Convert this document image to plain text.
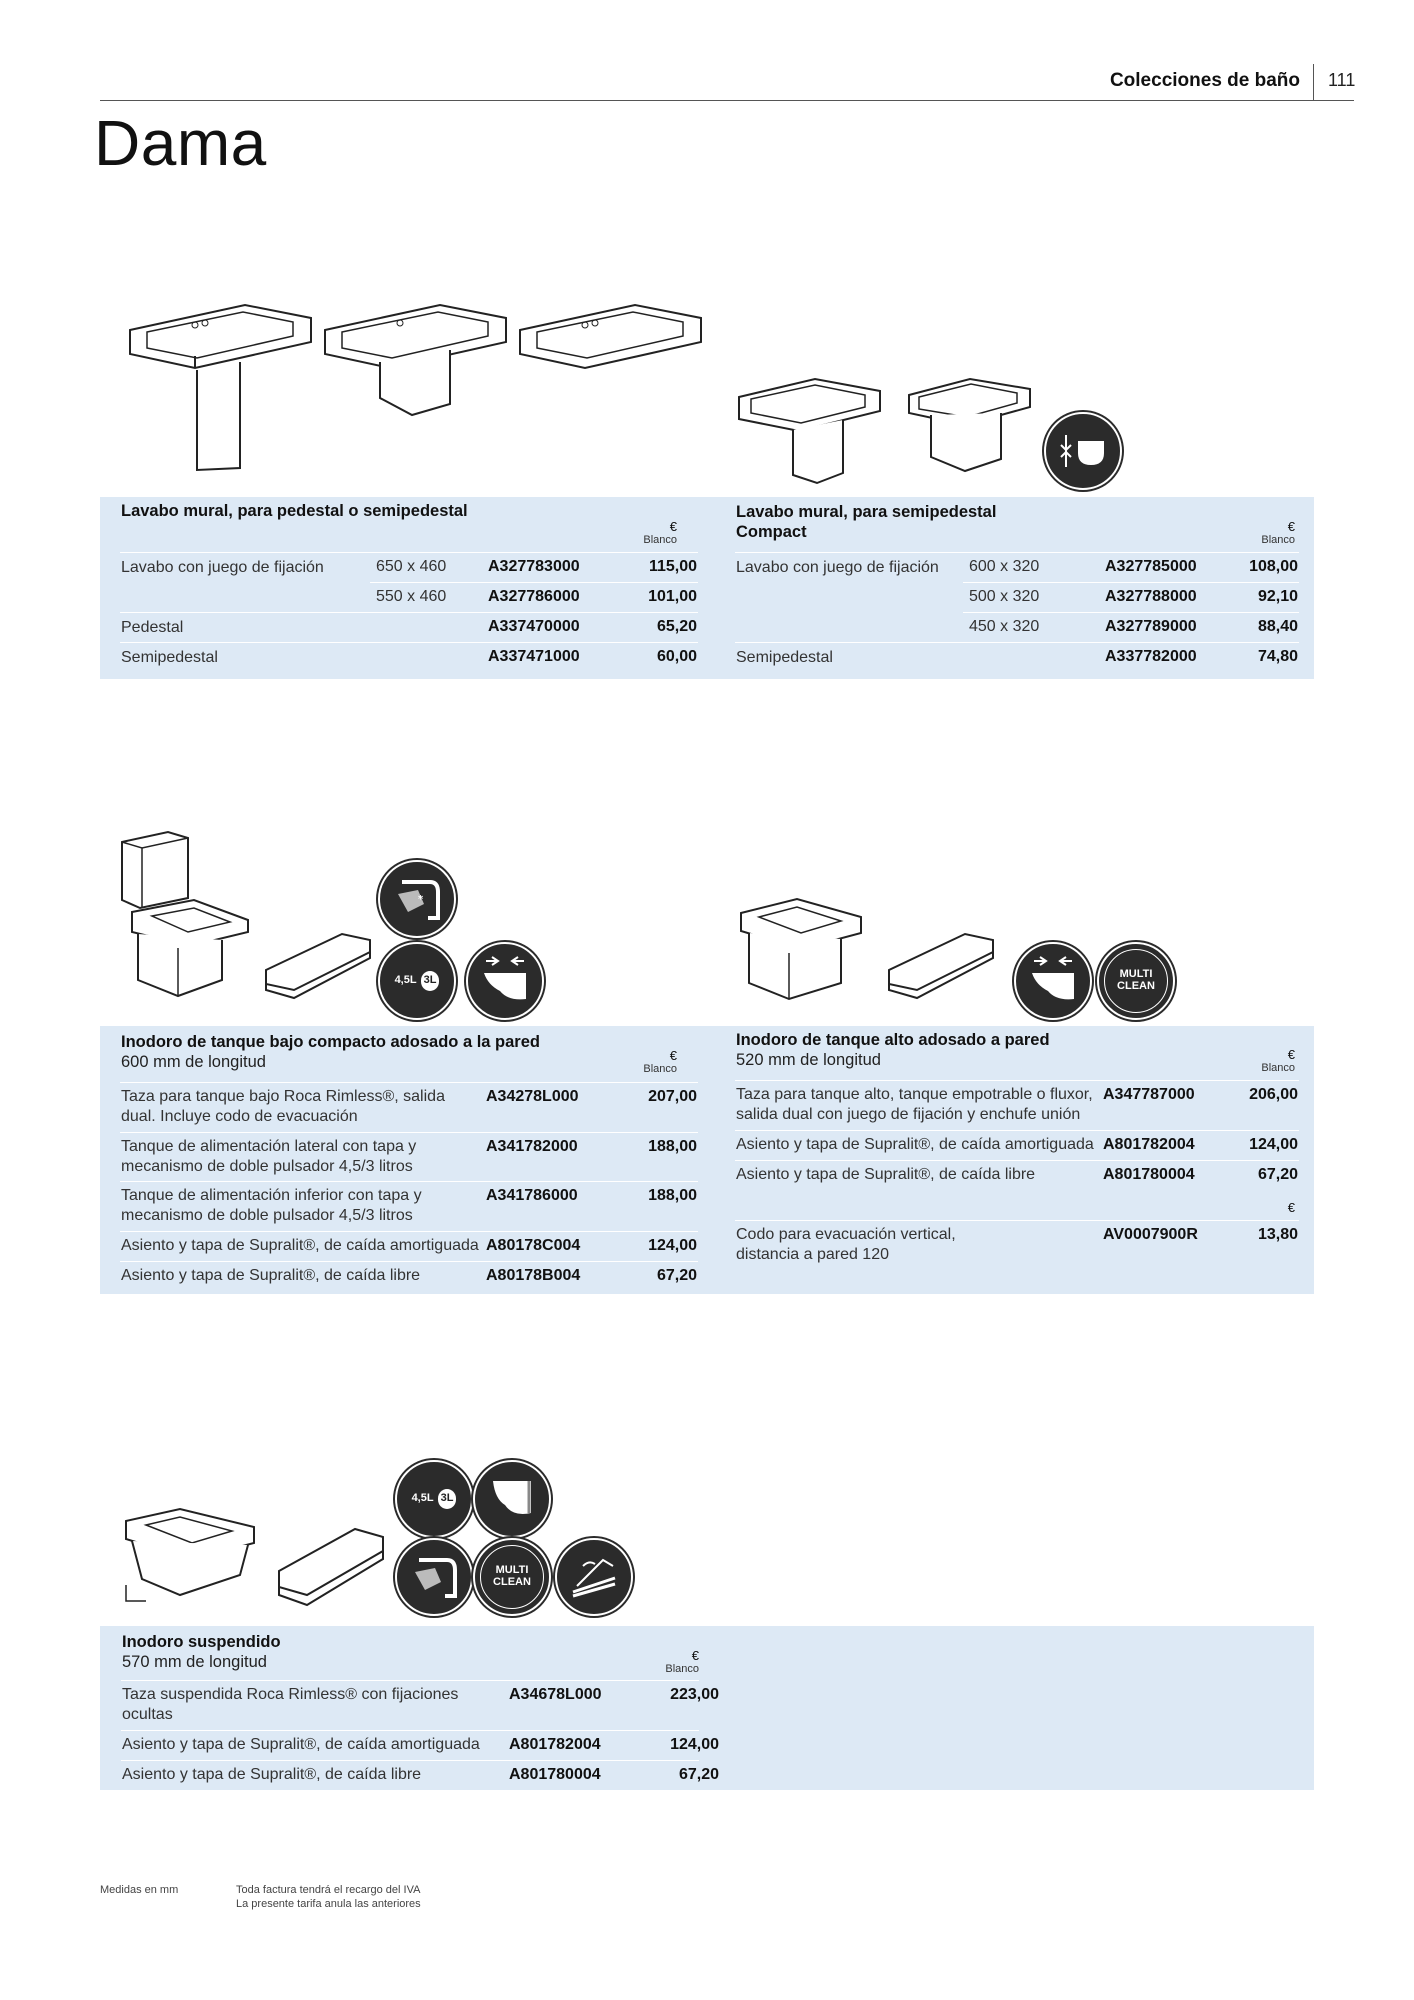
Colecciones de baño 111
Dama
Lavabo mural, para pedestal o semipedestal
€
Blanco
Lavabo con juego de fijación	650 x 460	A327783000	115,00
550 x 460	A327786000	101,00
Pedestal	A337470000	65,20
Semipedestal	A337471000	60,00
Lavabo mural, para semipedestal
Compact	€
Blanco
Lavabo con juego de fijación 600 x 320	A327785000	108,00
500 x 320	A327788000	92,10
450 x 320	A327789000	88,40
Semipedestal	A337782000	74,80
*
4,5L 3L	MULTI
CLEAN
Inodoro de tanque bajo compacto adosado a la pared
600 mm de longitud	€
Blanco
Taza para tanque bajo Roca Rimless®, salida
dual. Incluye codo de evacuación
A34278L000	207,00
Tanque de alimentación lateral con tapa y
mecanismo de doble pulsador 4,5/3 litros
A341782000	188,00
Tanque de alimentación inferior con tapa y
mecanismo de doble pulsador 4,5/3 litros
A341786000	188,00
Asiento y tapa de Supralit®, de caída amortiguada A80178C004	124,00
Asiento y tapa de Supralit®, de caída libre	A80178B004	67,20
Inodoro de tanque alto adosado a pared
520 mm de longitud	€
Blanco
Taza para tanque alto, tanque empotrable o fluxor,
salida dual con juego de fijación y enchufe unión
A347787000	206,00
Asiento y tapa de Supralit®, de caída amortiguada A801782004	124,00
Asiento y tapa de Supralit®, de caída libre	A801780004	67,20
€
Codo para evacuación vertical,
distancia a pared 120
AV0007900R	13,80
4,5L 3L
MULTI
CLEAN
Inodoro suspendido
570 mm de longitud	€
Blanco
Taza suspendida Roca Rimless® con fijaciones
ocultas
A34678L000	223,00
Asiento y tapa de Supralit®, de caída amortiguada A801782004	124,00
Asiento y tapa de Supralit®, de caída libre	A801780004	67,20
Medidas en mm	Toda factura tendrá el recargo del IVA
La presente tarifa anula las anteriores
